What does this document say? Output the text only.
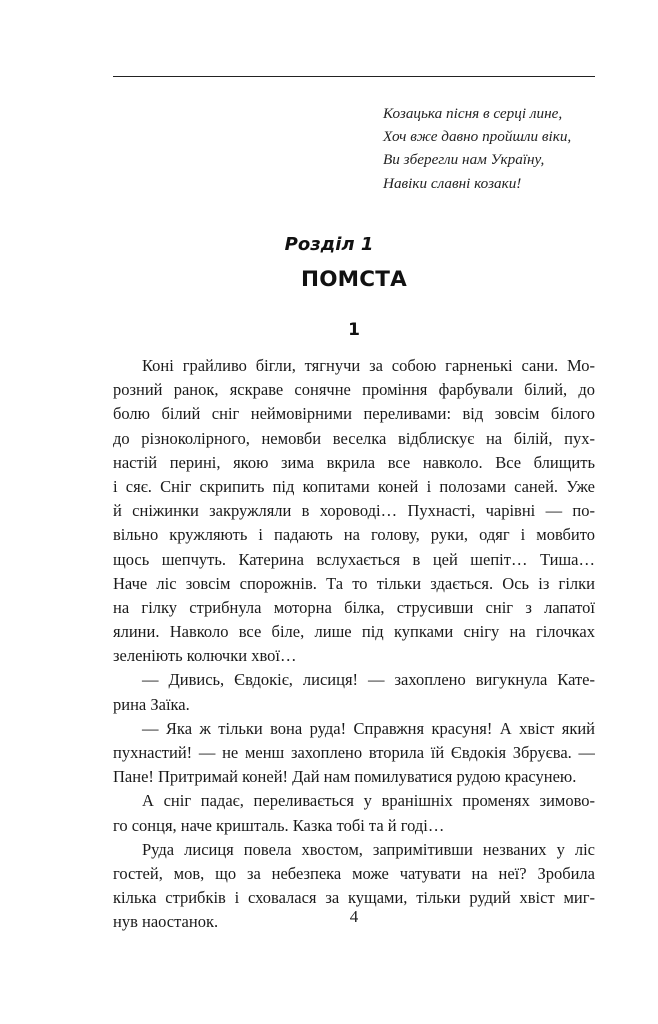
Козацька пісня в серці лине,
Хоч вже давно пройшли віки,
Ви зберегли нам Україну,
Навіки славні козаки!
Розділ 1
ПОМСТА
1
Коні грайливо бігли, тягнучи за собою гарненькі сани. Мо-
розний ранок, яскраве сонячне проміння фарбували білий, до
болю білий сніг неймовірними переливами: від зовсім білого
до різноколірного, немовби веселка відблискує на білій, пух-
настій перині, якою зима вкрила все навколо. Все блищить
і сяє. Сніг скрипить під копитами коней і полозами саней. Уже
й сніжинки закружляли в хороводі… Пухнасті, чарівні — по-
вільно кружляють і падають на голову, руки, одяг і мовбито
щось шепчуть. Катерина вслухається в цей шепіт… Тиша…
Наче ліс зовсім спорожнів. Та то тільки здається. Ось із гілки
на гілку стрибнула моторна білка, струсивши сніг з лапатої
ялини. Навколо все біле, лише під купками снігу на гілочках
зеленіють колючки хвої…
— Дивись, Євдокіє, лисиця! — захоплено вигукнула Кате-
рина Заїка.
— Яка ж тільки вона руда! Справжня красуня! А хвіст який
пухнастий! — не менш захоплено вторила їй Євдокія Збруєва. —
Пане! Притримай коней! Дай нам помилуватися рудою красунею.
А сніг падає, переливається у вранішніх променях зимово-
го сонця, наче кришталь. Казка тобі та й годі…
Руда лисиця повела хвостом, запримітивши незваних у ліс
гостей, мов, що за небезпека може чатувати на неї? Зробила
кілька стрибків і сховалася за кущами, тільки рудий хвіст миг-
нув наостанок.	4
